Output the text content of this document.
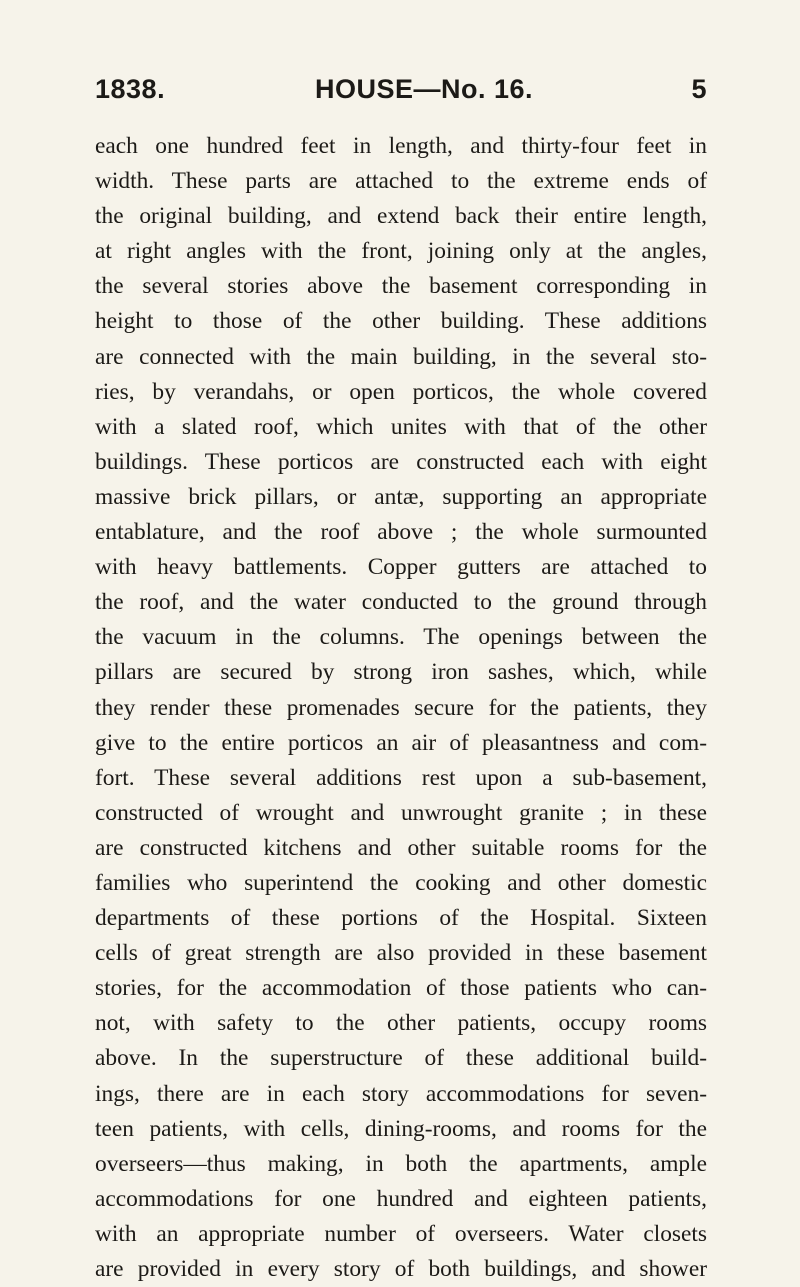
1838.	HOUSE—No. 16.	5
each one hundred feet in length, and thirty-four feet in
width. These parts are attached to the extreme ends of
the original building, and extend back their entire length,
at right angles with the front, joining only at the angles,
the several stories above the basement corresponding in
height to those of the other building. These additions
are connected with the main building, in the several sto-
ries, by verandahs, or open porticos, the whole covered
with a slated roof, which unites with that of the other
buildings. These porticos are constructed each with eight
massive brick pillars, or antæ, supporting an appropriate
entablature, and the roof above ; the whole surmounted
with heavy battlements. Copper gutters are attached to
the roof, and the water conducted to the ground through
the vacuum in the columns. The openings between the
pillars are secured by strong iron sashes, which, while
they render these promenades secure for the patients, they
give to the entire porticos an air of pleasantness and com-
fort. These several additions rest upon a sub-basement,
constructed of wrought and unwrought granite ; in these
are constructed kitchens and other suitable rooms for the
families who superintend the cooking and other domestic
departments of these portions of the Hospital. Sixteen
cells of great strength are also provided in these basement
stories, for the accommodation of those patients who can-
not, with safety to the other patients, occupy rooms
above. In the superstructure of these additional build-
ings, there are in each story accommodations for seven-
teen patients, with cells, dining-rooms, and rooms for the
overseers—thus making, in both the apartments, ample
accommodations for one hundred and eighteen patients,
with an appropriate number of overseers. Water closets
are provided in every story of both buildings, and shower
